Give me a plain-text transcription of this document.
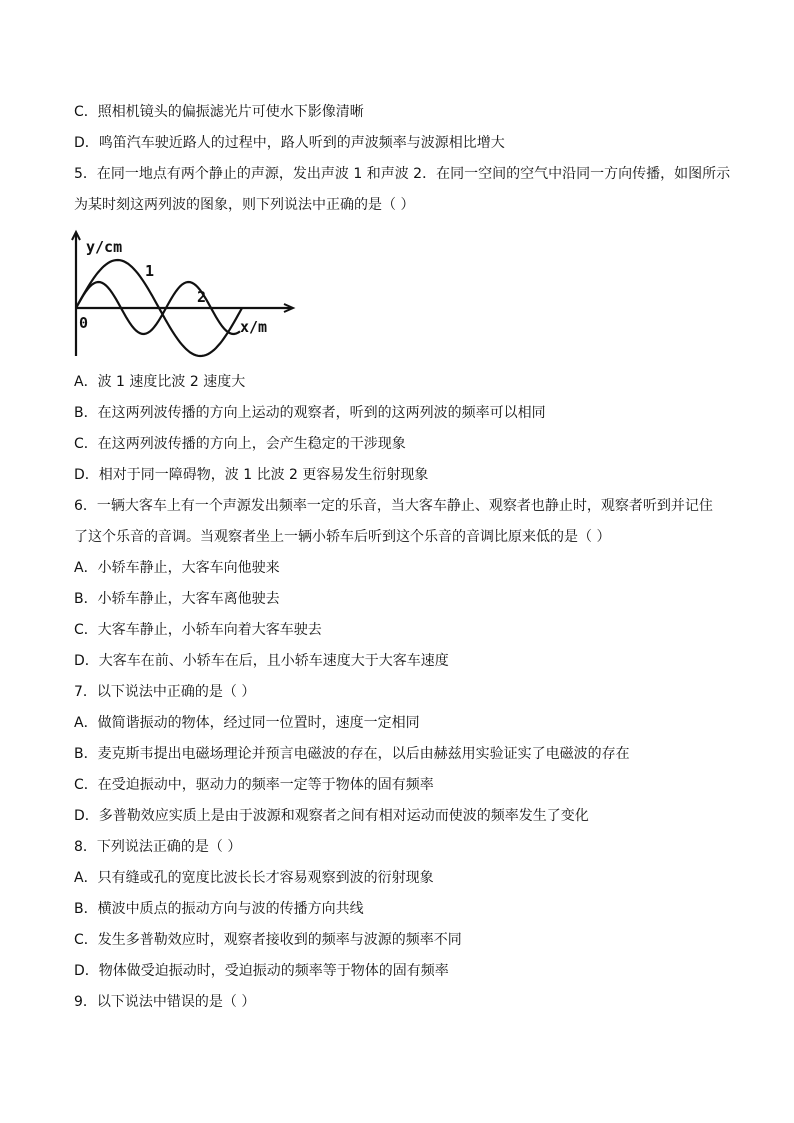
C．照相机镜头的偏振滤光片可使水下影像清晰
D．鸣笛汽车驶近路人的过程中，路人听到的声波频率与波源相比增大
5．在同一地点有两个静止的声源，发出声波 1 和声波 2．在同一空间的空气中沿同一方向传播，如图所示
为某时刻这两列波的图象，则下列说法中正确的是（ ）
y/cm
x/m
0
1
2
A．波 1 速度比波 2 速度大
B．在这两列波传播的方向上运动的观察者，听到的这两列波的频率可以相同
C．在这两列波传播的方向上，会产生稳定的干涉现象
D．相对于同一障碍物，波 1 比波 2 更容易发生衍射现象
6．一辆大客车上有一个声源发出频率一定的乐音，当大客车静止、观察者也静止时，观察者听到并记住
了这个乐音的音调。当观察者坐上一辆小轿车后听到这个乐音的音调比原来低的是（ ）
A．小轿车静止，大客车向他驶来
B．小轿车静止，大客车离他驶去
C．大客车静止，小轿车向着大客车驶去
D．大客车在前、小轿车在后，且小轿车速度大于大客车速度
7．以下说法中正确的是（ ）
A．做简谐振动的物体，经过同一位置时，速度一定相同
B．麦克斯韦提出电磁场理论并预言电磁波的存在，以后由赫兹用实验证实了电磁波的存在
C．在受迫振动中，驱动力的频率一定等于物体的固有频率
D．多普勒效应实质上是由于波源和观察者之间有相对运动而使波的频率发生了变化
8．下列说法正确的是（ ）
A．只有缝或孔的宽度比波长长才容易观察到波的衍射现象
B．横波中质点的振动方向与波的传播方向共线
C．发生多普勒效应时，观察者接收到的频率与波源的频率不同
D．物体做受迫振动时，受迫振动的频率等于物体的固有频率
9．以下说法中错误的是（ ）
